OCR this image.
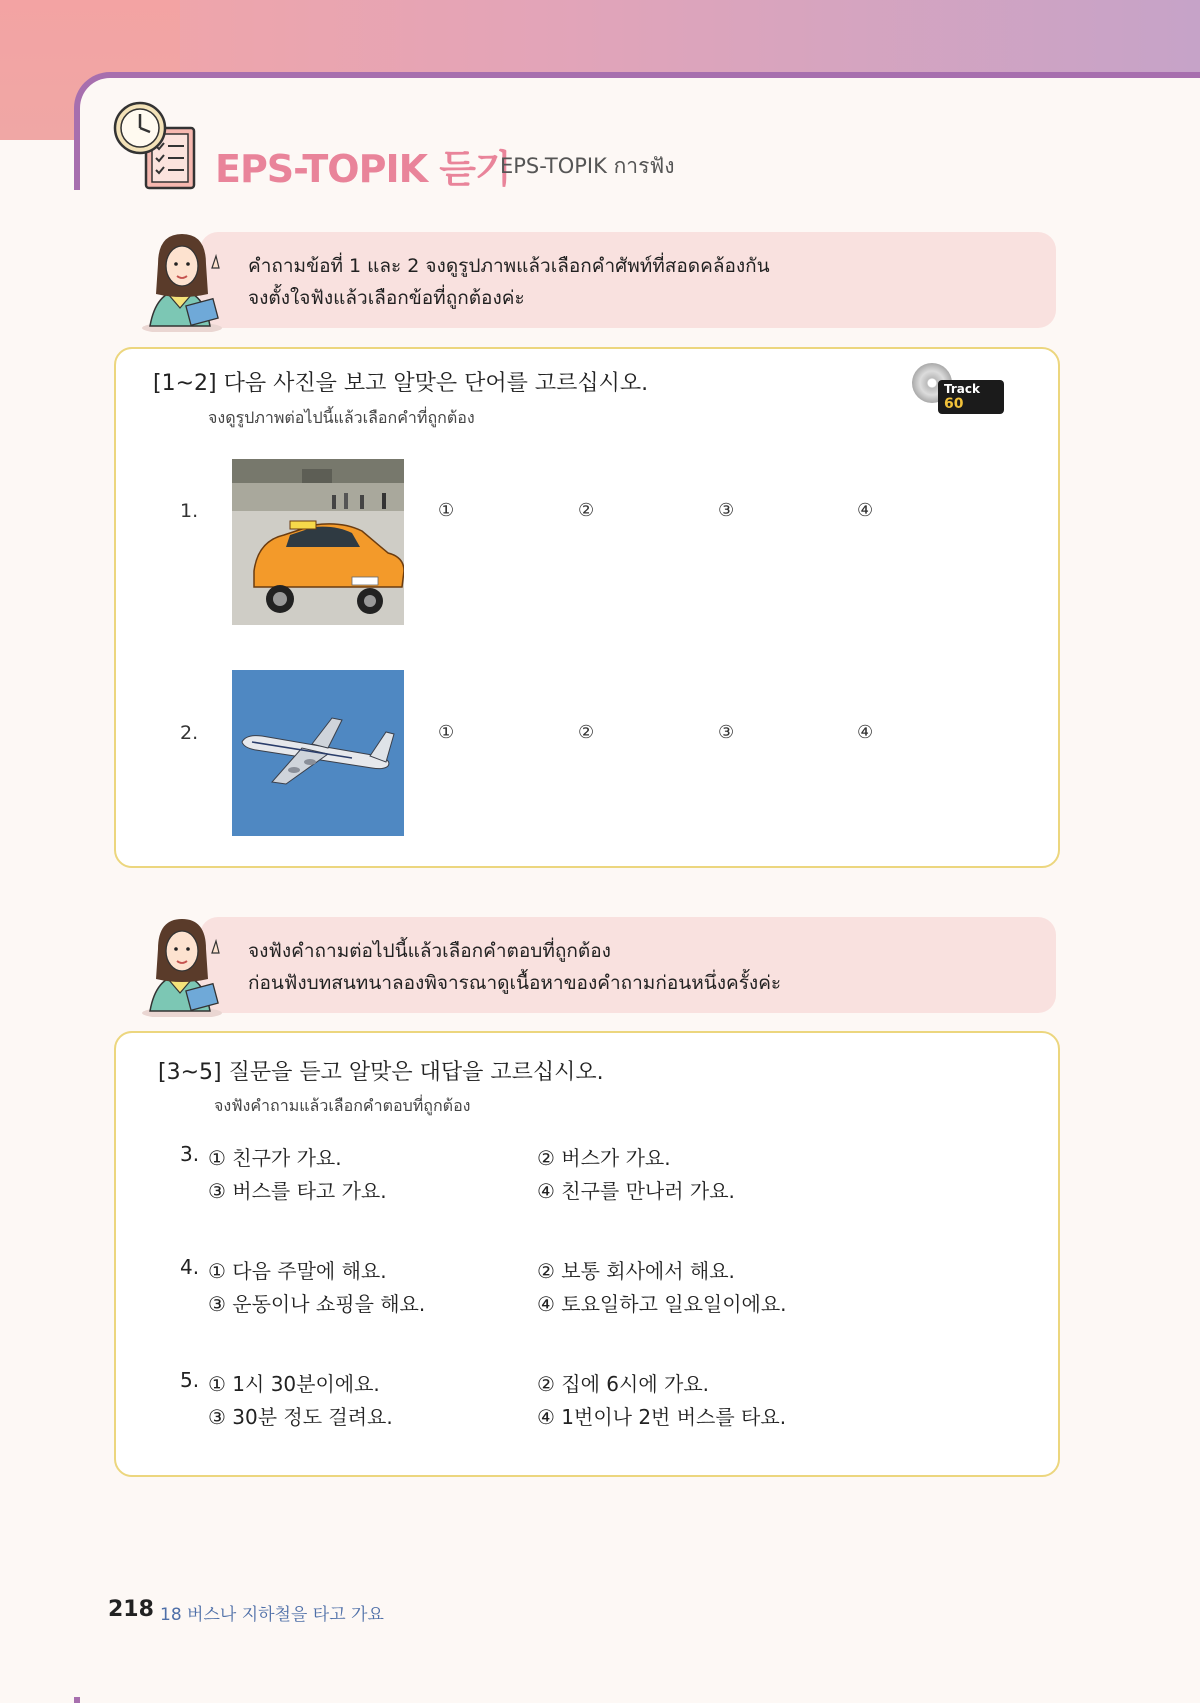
EPS-TOPIK 듣기
EPS-TOPIK การฟัง
คำถามข้อที่ 1 และ 2 จงดูรูปภาพแล้วเลือกคำศัพท์ที่สอดคล้องกัน
จงตั้งใจฟังแล้วเลือกข้อที่ถูกต้องค่ะ
[1~2] 다음 사진을 보고 알맞은 단어를 고르십시오.
จงดูรูปภาพต่อไปนี้แล้วเลือกคำที่ถูกต้อง
Track 60
1.	①	②	③	④
2.	①	②	③	④
จงฟังคำถามต่อไปนี้แล้วเลือกคำตอบที่ถูกต้อง
ก่อนฟังบทสนทนาลองพิจารณาดูเนื้อหาของคำถามก่อนหนึ่งครั้งค่ะ
[3~5] 질문을 듣고 알맞은 대답을 고르십시오.
จงฟังคำถามแล้วเลือกคำตอบที่ถูกต้อง
3. ① 친구가 가요.	② 버스가 가요.
③ 버스를 타고 가요.	④ 친구를 만나러 가요.
4. ① 다음 주말에 해요.	② 보통 회사에서 해요.
③ 운동이나 쇼핑을 해요.	④ 토요일하고 일요일이에요.
5. ① 1시 30분이에요.	② 집에 6시에 가요.
③ 30분 정도 걸려요.	④ 1번이나 2번 버스를 타요.
218 18 버스나 지하철을 타고 가요
